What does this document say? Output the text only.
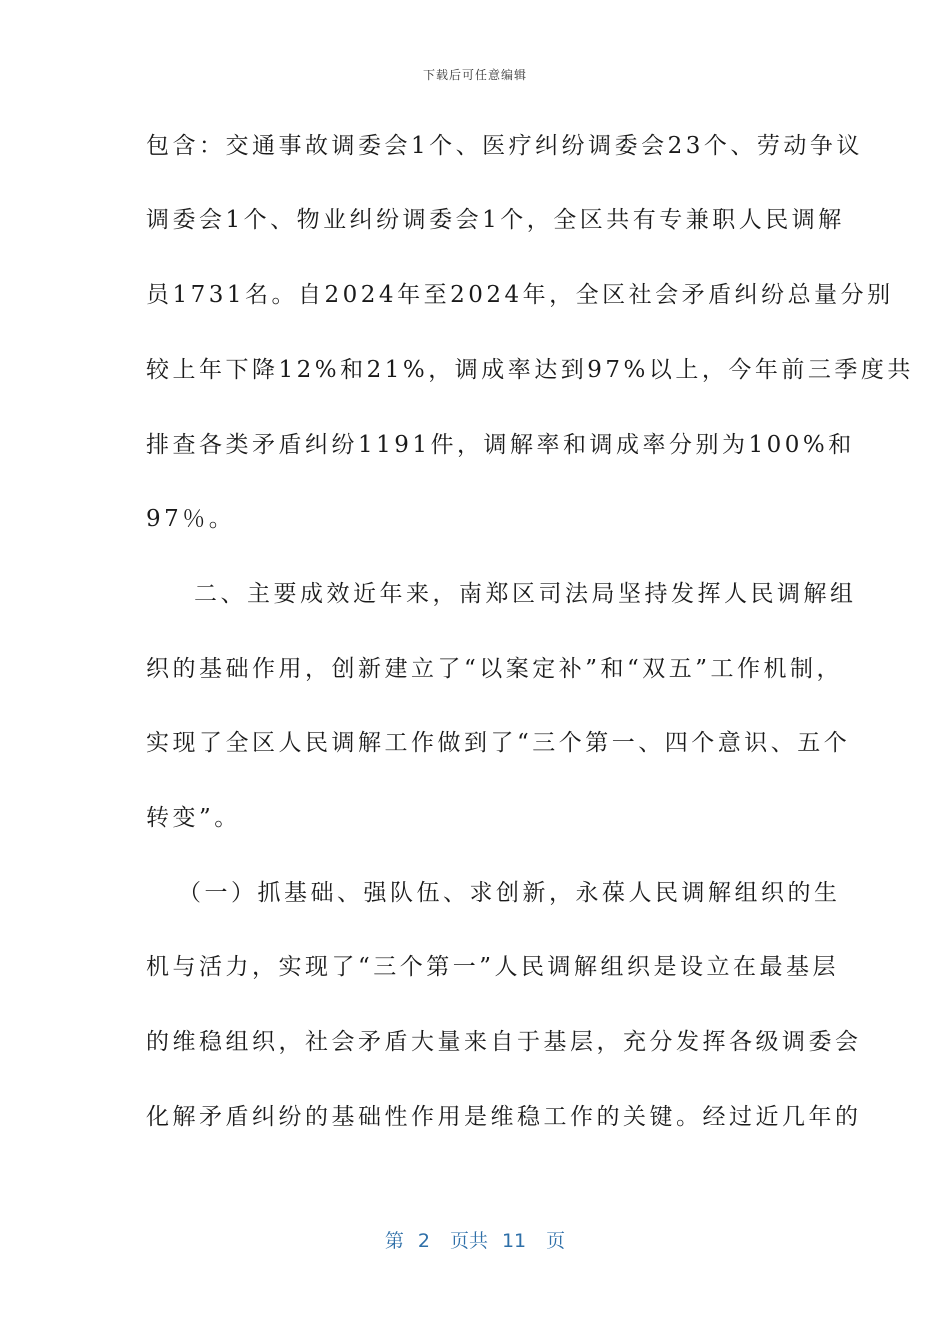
下载后可任意编辑
包含：交通事故调委会1个、医疗纠纷调委会23个、劳动争议
调委会1个、物业纠纷调委会1个，全区共有专兼职人民调解
员1731名。自2024年至2024年，全区社会矛盾纠纷总量分别
较上年下降12%和21%，调成率达到97%以上，今年前三季度共
排查各类矛盾纠纷1191件，调解率和调成率分别为100%和
97％。
二、主要成效近年来，南郑区司法局坚持发挥人民调解组
织的基础作用，创新建立了“以案定补”和“双五”工作机制，
实现了全区人民调解工作做到了“三个第一、四个意识、五个
转变”。
（一）抓基础、强队伍、求创新，永葆人民调解组织的生
机与活力，实现了“三个第一”人民调解组织是设立在最基层
的维稳组织，社会矛盾大量来自于基层，充分发挥各级调委会
化解矛盾纠纷的基础性作用是维稳工作的关键。经过近几年的
第 2 页共 11 页
